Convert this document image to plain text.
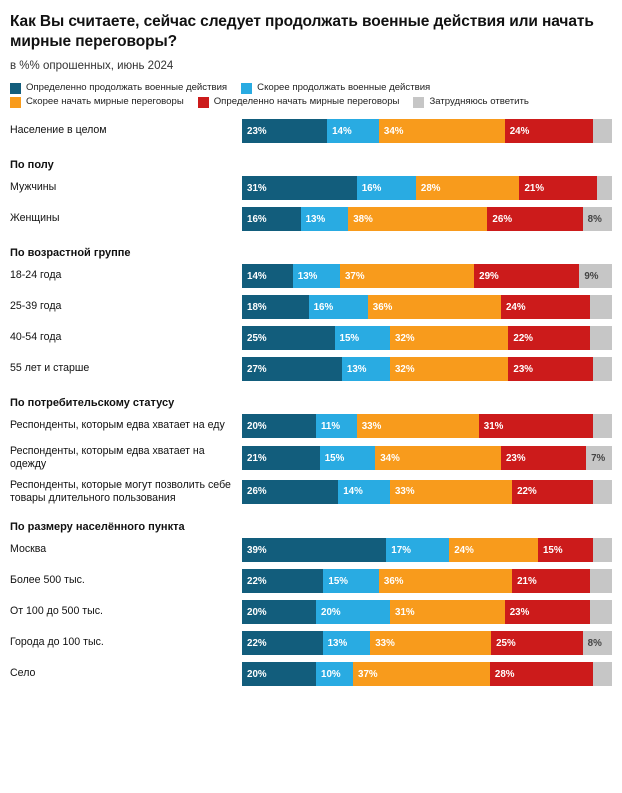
Как Вы считаете, сейчас следует продолжать военные действия или начать мирные переговоры?
в %% опрошенных, июнь 2024
Определенно продолжать военные действия	Скорее продолжать военные действия
Скорее начать мирные переговоры	Определенно начать мирные переговоры	Затрудняюсь ответить
Население в целом	23%	14%	34%	24%
По полу
Мужчины	31%	16%	28%	21%
Женщины	16%	13%	38%	26%	8%
По возрастной группе
18-24 года	14%	13%	37%	29%	9%
25-39 года	18%	16%	36%	24%
40-54 года	25%	15%	32%	22%
55 лет и старше	27%	13%	32%	23%
По потребительскому статусу
Респонденты, которым едва хватает на еду	20%	11%	33%	31%
Респонденты, которым едва хватает на одежду	21%	15%	34%	23%	7%
Респонденты, которые могут позволить себе товары длительного пользования	26%	14%	33%	22%
По размеру населённого пункта
Москва	39%	17%	24%	15%
Более 500 тыс.	22%	15%	36%	21%
От 100 до 500 тыс.	20%	20%	31%	23%
Города до 100 тыс.	22%	13%	33%	25%	8%
Село	20%	10%	37%	28%
